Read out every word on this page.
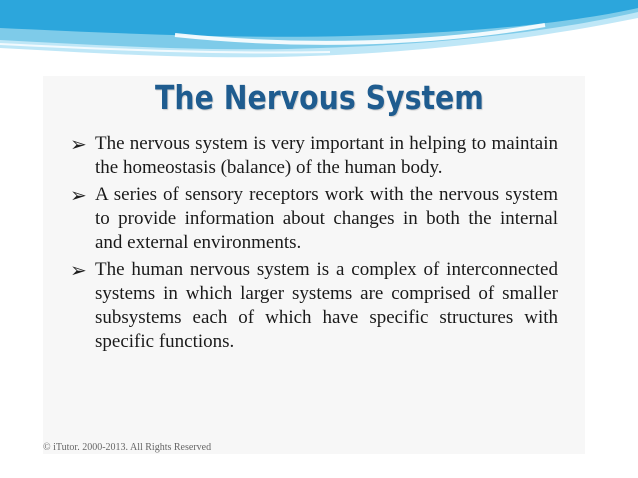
The Nervous System
➢ The nervous system is very important in helping to maintain the homeostasis (balance) of the human body.
➢ A series of sensory receptors work with the nervous system to provide information about changes in both the internal and external environments.
➢ The human nervous system is a complex of interconnected systems in which larger systems are comprised of smaller subsystems each of which have specific structures with specific functions.
© iTutor. 2000-2013. All Rights Reserved
